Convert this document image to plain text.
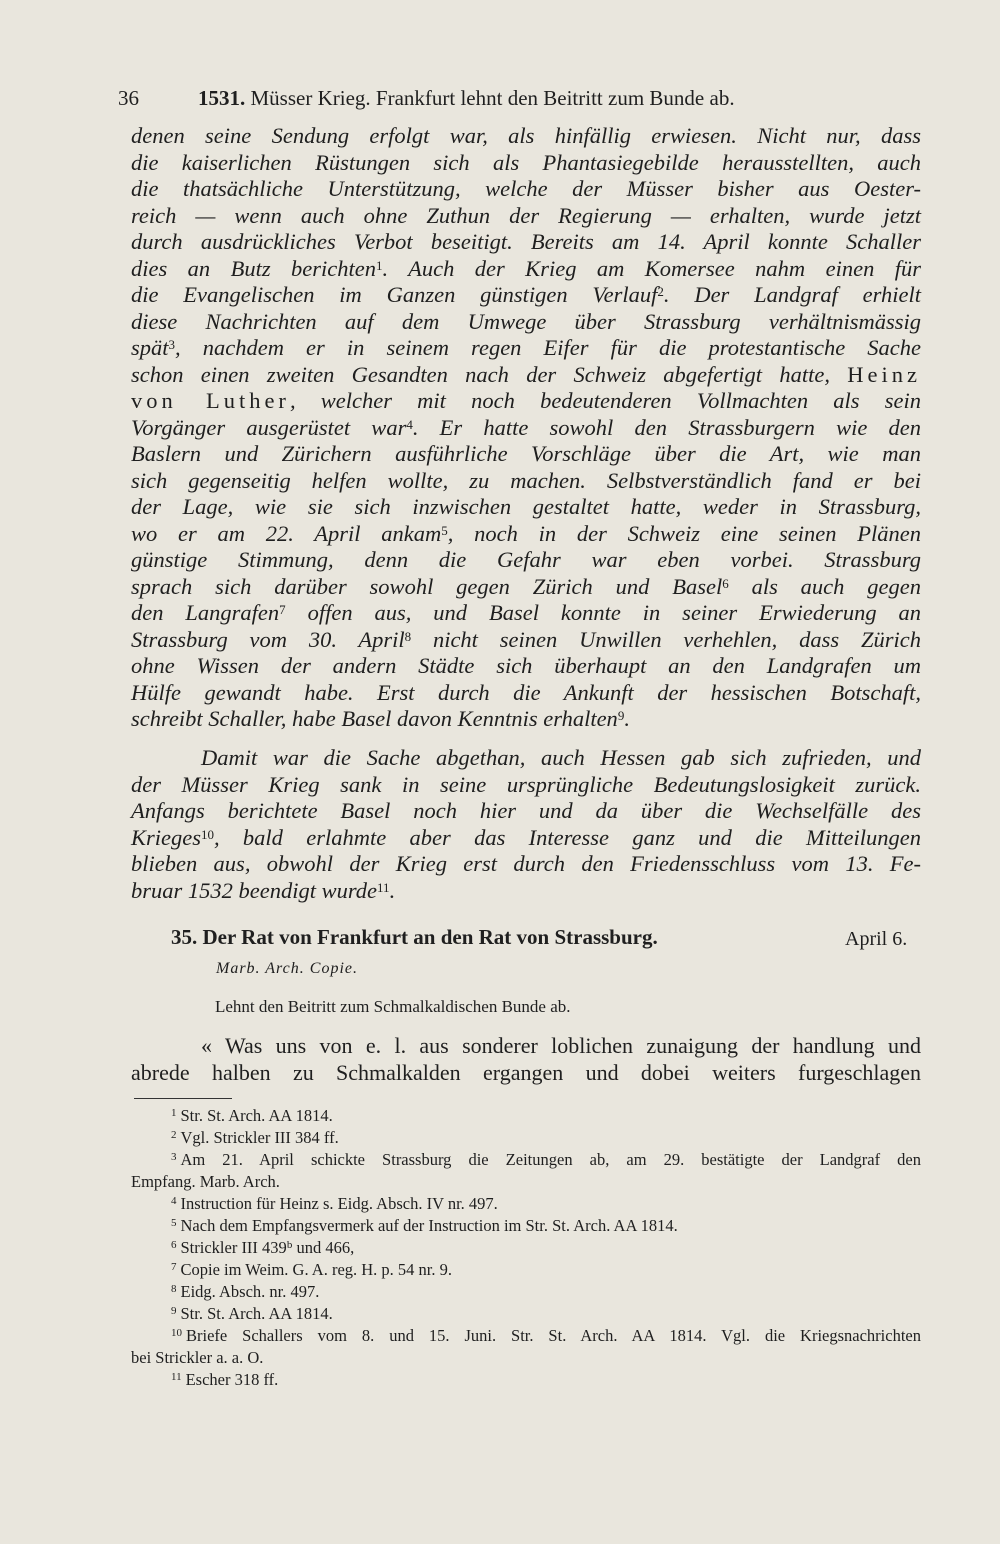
36	1531. Müsser Krieg. Frankfurt lehnt den Beitritt zum Bunde ab.
denen seine Sendung erfolgt war, als hinfällig erwiesen. Nicht nur, dass
die kaiserlichen Rüstungen sich als Phantasiegebilde herausstellten, auch
die thatsächliche Unterstützung, welche der Müsser bisher aus Oester-
reich — wenn auch ohne Zuthun der Regierung — erhalten, wurde jetzt
durch ausdrückliches Verbot beseitigt. Bereits am 14. April konnte Schaller
dies an Butz berichten$^1$. Auch der Krieg am Komersee nahm einen für
die Evangelischen im Ganzen günstigen Verlauf$^2$. Der Landgraf erhielt
diese Nachrichten auf dem Umwege über Strassburg verhältnismässig
spät$^3$, nachdem er in seinem regen Eifer für die protestantische Sache
schon einen zweiten Gesandten nach der Schweiz abgefertigt hatte, Heinz
von Luther, welcher mit noch bedeutenderen Vollmachten als sein
Vorgänger ausgerüstet war$^4$. Er hatte sowohl den Strassburgern wie den
Baslern und Zürichern ausführliche Vorschläge über die Art, wie man
sich gegenseitig helfen wollte, zu machen. Selbstverständlich fand er bei
der Lage, wie sie sich inzwischen gestaltet hatte, weder in Strassburg,
wo er am 22. April ankam$^5$, noch in der Schweiz eine seinen Plänen
günstige Stimmung, denn die Gefahr war eben vorbei. Strassburg
sprach sich darüber sowohl gegen Zürich und Basel$^6$ als auch gegen
den Langrafen$^7$ offen aus, und Basel konnte in seiner Erwiederung an
Strassburg vom 30. April$^8$ nicht seinen Unwillen verhehlen, dass Zürich
ohne Wissen der andern Städte sich überhaupt an den Landgrafen um
Hülfe gewandt habe. Erst durch die Ankunft der hessischen Botschaft,
schreibt Schaller, habe Basel davon Kenntnis erhalten$^9$.
Damit war die Sache abgethan, auch Hessen gab sich zufrieden, und
der Müsser Krieg sank in seine ursprüngliche Bedeutungslosigkeit zurück.
Anfangs berichtete Basel noch hier und da über die Wechselfälle des
Krieges$^{10}$, bald erlahmte aber das Interesse ganz und die Mitteilungen
blieben aus, obwohl der Krieg erst durch den Friedensschluss vom 13. Fe-
bruar 1532 beendigt wurde$^{11}$.
35. Der Rat von Frankfurt an den Rat von Strassburg.	April 6.
Marb. Arch. Copie.
Lehnt den Beitritt zum Schmalkaldischen Bunde ab.
« Was uns von e. l. aus sonderer loblichen zunaigung der handlung und
abrede halben zu Schmalkalden ergangen und dobei weiters furgeschlagen
$^1$ Str. St. Arch. AA 1814.
$^2$ Vgl. Strickler III 384 ff.
$^3$ Am 21. April schickte Strassburg die Zeitungen ab, am 29. bestätigte der Landgraf den
Empfang. Marb. Arch.
$^4$ Instruction für Heinz s. Eidg. Absch. IV nr. 497.
$^5$ Nach dem Empfangsvermerk auf der Instruction im Str. St. Arch. AA 1814.
$^6$ Strickler III 439$^b$ und 466,
$^7$ Copie im Weim. G. A. reg. H. p. 54 nr. 9.
$^8$ Eidg. Absch. nr. 497.
$^9$ Str. St. Arch. AA 1814.
$^{10}$ Briefe Schallers vom 8. und 15. Juni. Str. St. Arch. AA 1814. Vgl. die Kriegsnachrichten
bei Strickler a. a. O.
$^{11}$ Escher 318 ff.
